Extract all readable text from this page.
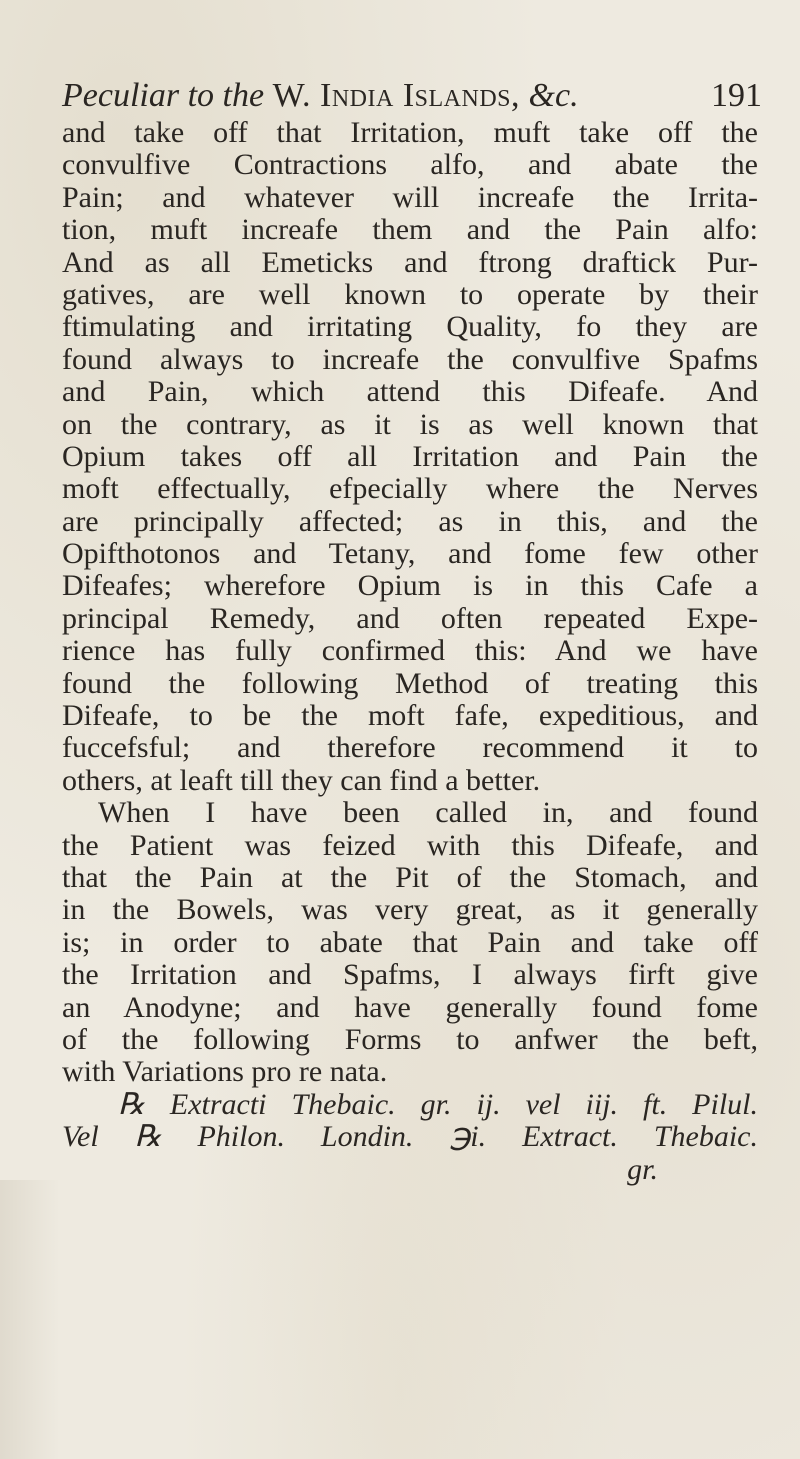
Peculiar to the W. India Islands, &c.	191
and take off that Irritation, muft take off the
convulfive Contractions alfo, and abate the
Pain; and whatever will increafe the Irrita-
tion, muft increafe them and the Pain alfo:
And as all Emeticks and ftrong draftick Pur-
gatives, are well known to operate by their
ftimulating and irritating Quality, fo they are
found always to increafe the convulfive Spafms
and Pain, which attend this Difeafe. And
on the contrary, as it is as well known that
Opium takes off all Irritation and Pain the
moft effectually, efpecially where the Nerves
are principally affected; as in this, and the
Opifthotonos and Tetany, and fome few other
Difeafes; wherefore Opium is in this Cafe a
principal Remedy, and often repeated Expe-
rience has fully confirmed this: And we have
found the following Method of treating this
Difeafe, to be the moft fafe, expeditious, and
fuccefsful; and therefore recommend it to
others, at leaft till they can find a better.
When I have been called in, and found
the Patient was feized with this Difeafe, and
that the Pain at the Pit of the Stomach, and
in the Bowels, was very great, as it generally
is; in order to abate that Pain and take off
the Irritation and Spafms, I always firft give
an Anodyne; and have generally found fome
of the following Forms to anfwer the beft,
with Variations pro re nata.
℞ Extracti Thebaic. gr. ij. vel iij. ft. Pilul.
Vel ℞ Philon. Londin. ℈i. Extract. Thebaic.
gr.
